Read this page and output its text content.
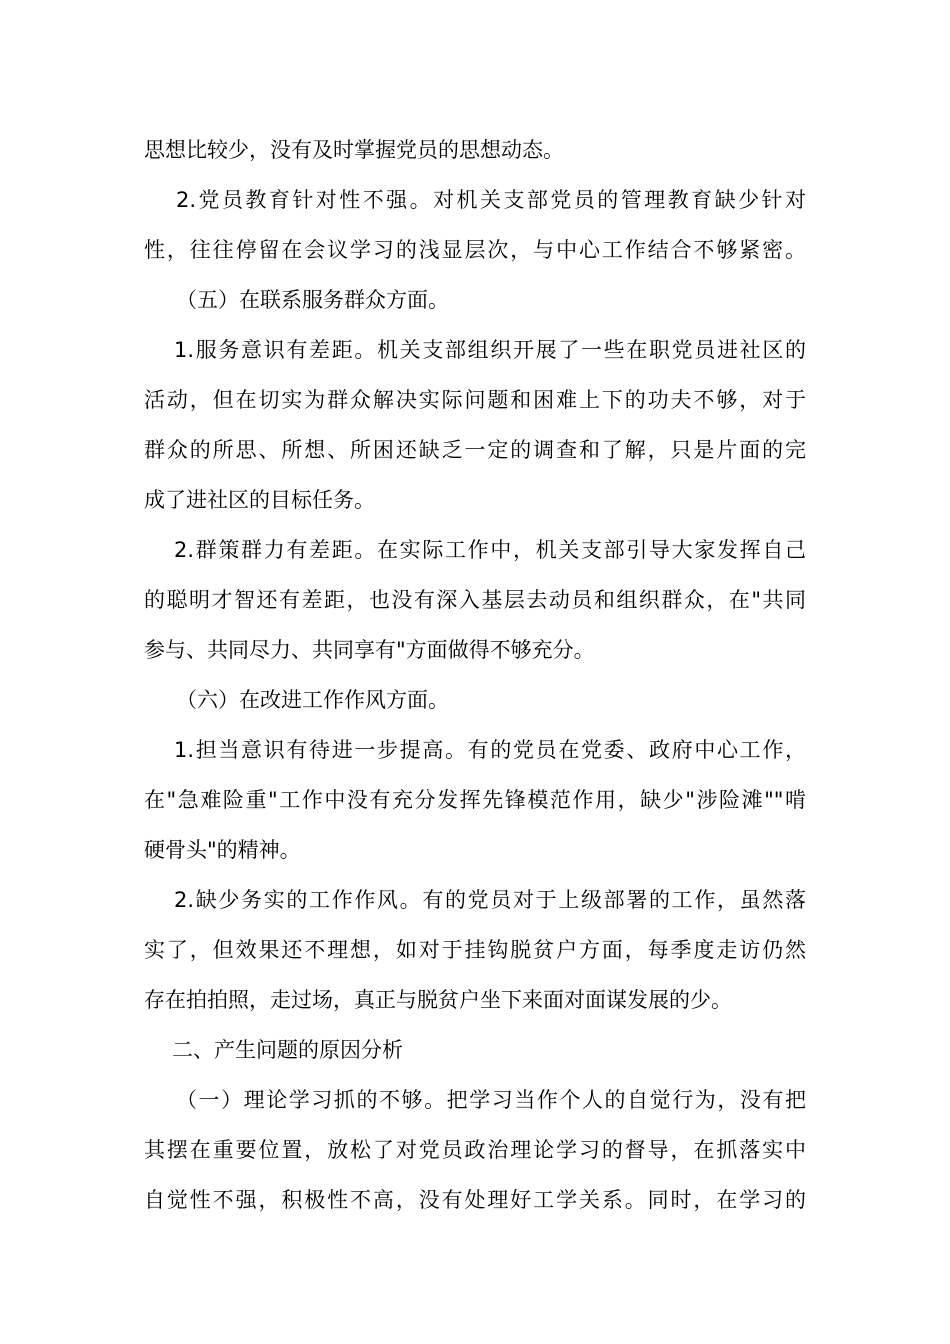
思想比较少，没有及时掌握党员的思想动态。
2.党员教育针对性不强。对机关支部党员的管理教育缺少针对
性，往往停留在会议学习的浅显层次，与中心工作结合不够紧密。
（五）在联系服务群众方面。
1.服务意识有差距。机关支部组织开展了一些在职党员进社区的
活动，但在切实为群众解决实际问题和困难上下的功夫不够，对于
群众的所思、所想、所困还缺乏一定的调查和了解，只是片面的完
成了进社区的目标任务。
2.群策群力有差距。在实际工作中，机关支部引导大家发挥自己
的聪明才智还有差距，也没有深入基层去动员和组织群众，在"共同
参与、共同尽力、共同享有"方面做得不够充分。
（六）在改进工作作风方面。
1.担当意识有待进一步提高。有的党员在党委、政府中心工作，
在"急难险重"工作中没有充分发挥先锋模范作用，缺少"涉险滩""啃
硬骨头"的精神。
2.缺少务实的工作作风。有的党员对于上级部署的工作，虽然落
实了，但效果还不理想，如对于挂钩脱贫户方面，每季度走访仍然
存在拍拍照，走过场，真正与脱贫户坐下来面对面谋发展的少。
二、产生问题的原因分析
（一）理论学习抓的不够。把学习当作个人的自觉行为，没有把
其摆在重要位置，放松了对党员政治理论学习的督导，在抓落实中
自觉性不强，积极性不高，没有处理好工学关系。同时，在学习的
